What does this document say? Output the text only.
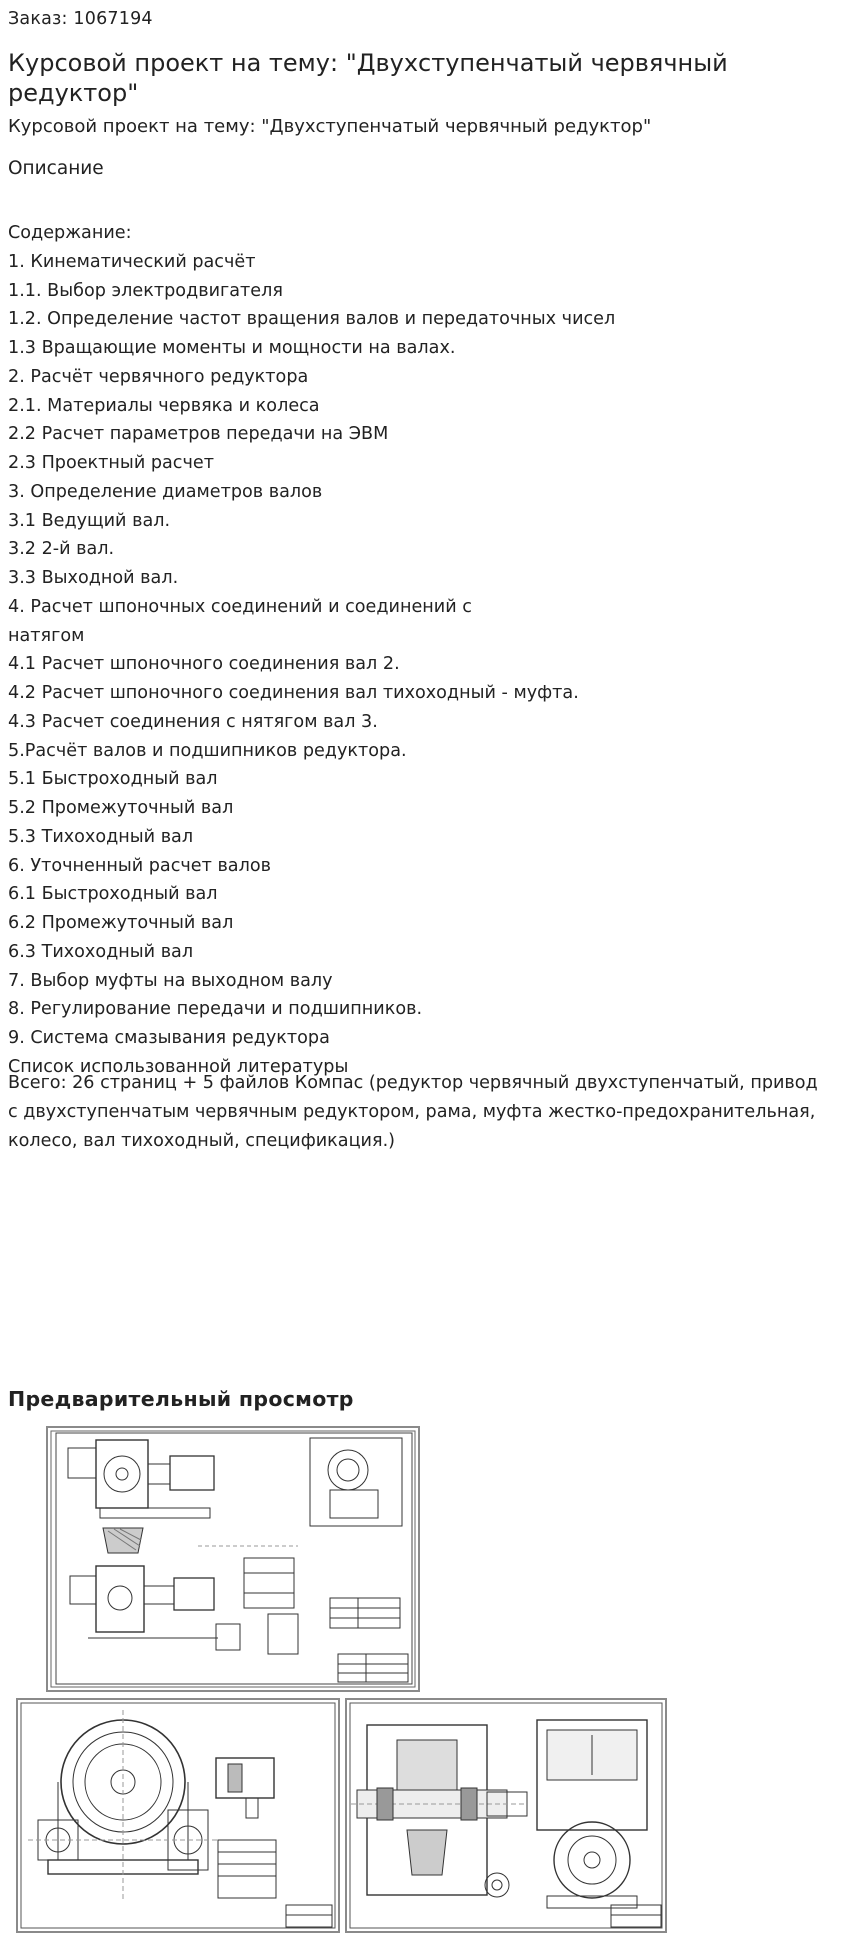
Заказ: 1067194
Курсовой проект на тему: "Двухступенчатый червячный редуктор"
Курсовой проект на тему: "Двухступенчатый червячный редуктор"
Описание
Содержание:
1. Кинематический расчёт
1.1. Выбор электродвигателя
1.2. Определение частот вращения валов и передаточных чисел
1.3 Вращающие моменты и мощности на валах.
2. Расчёт червячного редуктора
2.1. Материалы червяка и колеса
2.2 Расчет параметров передачи на ЭВМ
2.3 Проектный расчет
3. Определение диаметров валов
3.1 Ведущий вал.
3.2 2-й вал.
3.3 Выходной вал.
4. Расчет шпоночных соединений и соединений с
натягом
4.1 Расчет шпоночного соединения вал 2.
4.2 Расчет шпоночного соединения вал тихоходный - муфта.
4.3 Расчет соединения с нятягом вал 3.
5.Расчёт валов и подшипников редуктора.
5.1 Быстроходный вал
5.2 Промежуточный вал
5.3 Тихоходный вал
6. Уточненный расчет валов
6.1 Быстроходный вал
6.2 Промежуточный вал
6.3 Тихоходный вал
7. Выбор муфты на выходном валу
8. Регулирование передачи и подшипников.
9. Система смазывания редуктора
Список использованной литературы
Всего: 26 страниц + 5 файлов Компас (редуктор червячный двухступенчатый, привод с двухступенчатым червячным редуктором, рама, муфта жестко-предохранительная, колесо, вал тихоходный, спецификация.)
Предварительный просмотр
